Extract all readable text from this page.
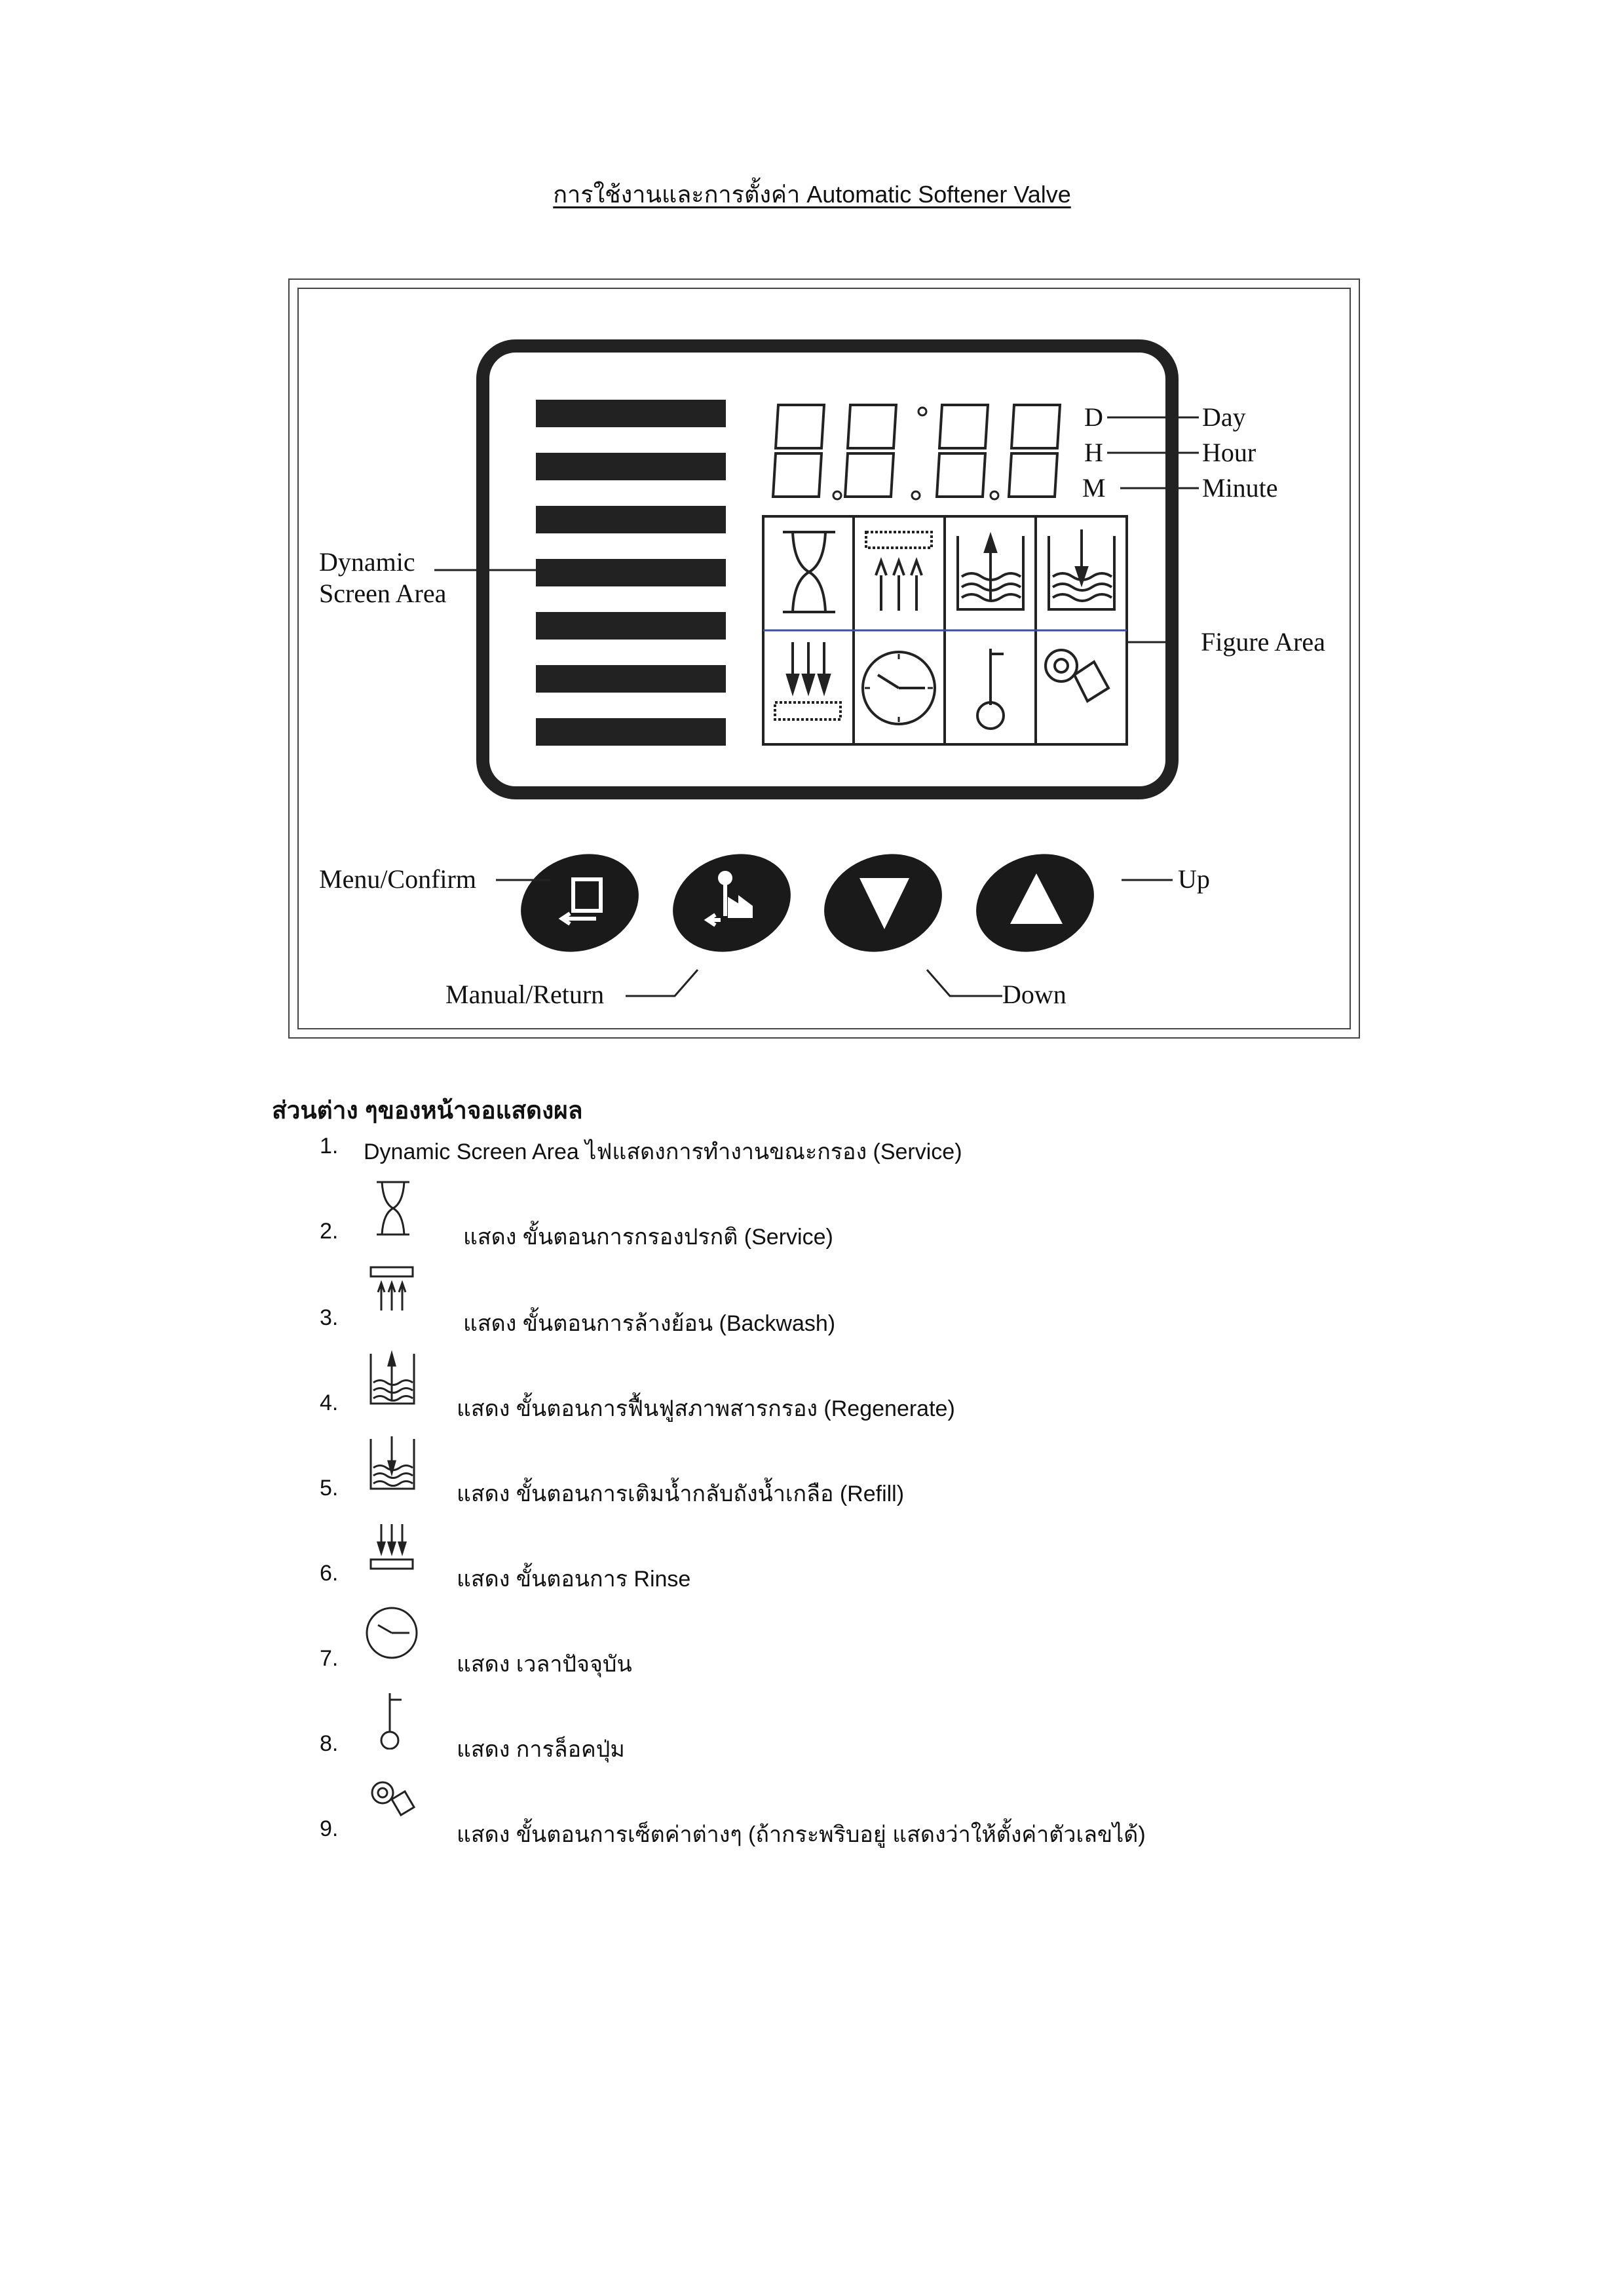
การใช้งานและการตั้งค่า Automatic Softener Valve
D
H
M
Day
Hour
Minute
Dynamic
Screen Area
Figure Area
Menu/Confirm
Manual/Return	Down
Up
ส่วนต่าง ๆของหน้าจอแสดงผล
1. Dynamic Screen Area ไฟแสดงการทำงานขณะกรอง (Service)
2.	แสดง ขั้นตอนการกรองปรกติ (Service)
3.	แสดง ขั้นตอนการล้างย้อน (Backwash)
4.	แสดง ขั้นตอนการฟื้นฟูสภาพสารกรอง (Regenerate)
5.	แสดง ขั้นตอนการเติมน้ำกลับถังน้ำเกลือ (Refill)
6.	แสดง ขั้นตอนการ Rinse
7.	แสดง เวลาปัจจุบัน
8.	แสดง การล็อคปุ่ม
9.	แสดง ขั้นตอนการเซ็ตค่าต่างๆ (ถ้ากระพริบอยู่ แสดงว่าให้ตั้งค่าตัวเลขได้)
